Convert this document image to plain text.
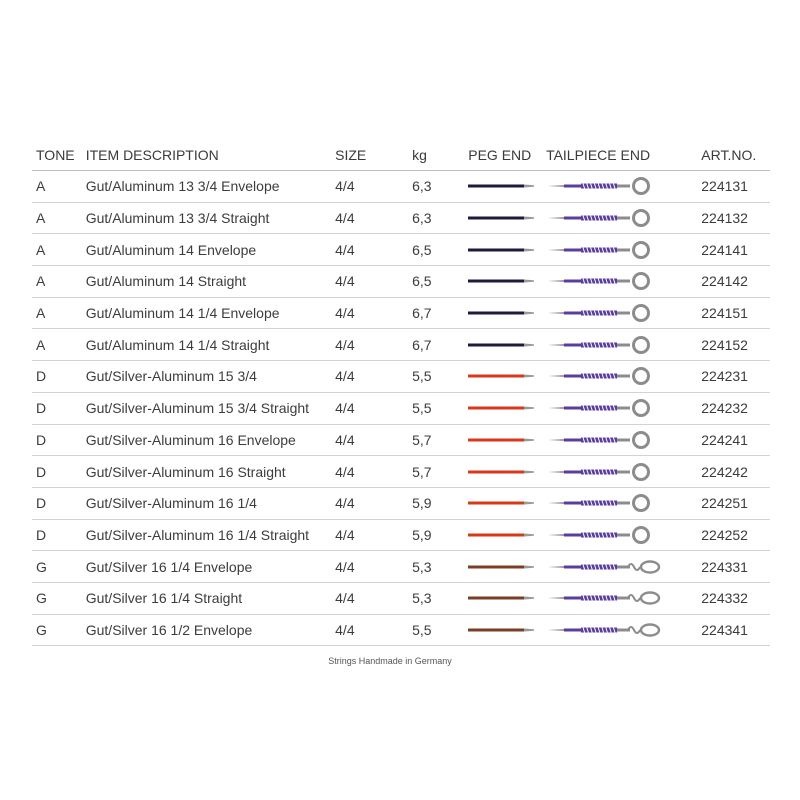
TONE	ITEM DESCRIPTION	SIZE	kg	PEG END	TAILPIECE END	ART.NO.
A	Gut/Aluminum 13 3/4 Envelope	4/4	6,3			224131
A	Gut/Aluminum 13 3/4 Straight	4/4	6,3			224132
A	Gut/Aluminum 14 Envelope	4/4	6,5			224141
A	Gut/Aluminum 14 Straight	4/4	6,5			224142
A	Gut/Aluminum 14 1/4 Envelope	4/4	6,7			224151
A	Gut/Aluminum 14 1/4 Straight	4/4	6,7			224152
D	Gut/Silver-Aluminum 15 3/4	4/4	5,5			224231
D	Gut/Silver-Aluminum 15 3/4 Straight	4/4	5,5			224232
D	Gut/Silver-Aluminum 16 Envelope	4/4	5,7			224241
D	Gut/Silver-Aluminum 16 Straight	4/4	5,7			224242
D	Gut/Silver-Aluminum 16 1/4	4/4	5,9			224251
D	Gut/Silver-Aluminum 16 1/4 Straight	4/4	5,9			224252
G	Gut/Silver 16 1/4 Envelope	4/4	5,3			224331
G	Gut/Silver 16 1/4 Straight	4/4	5,3			224332
G	Gut/Silver 16 1/2 Envelope	4/4	5,5			224341
Strings Handmade in Germany
